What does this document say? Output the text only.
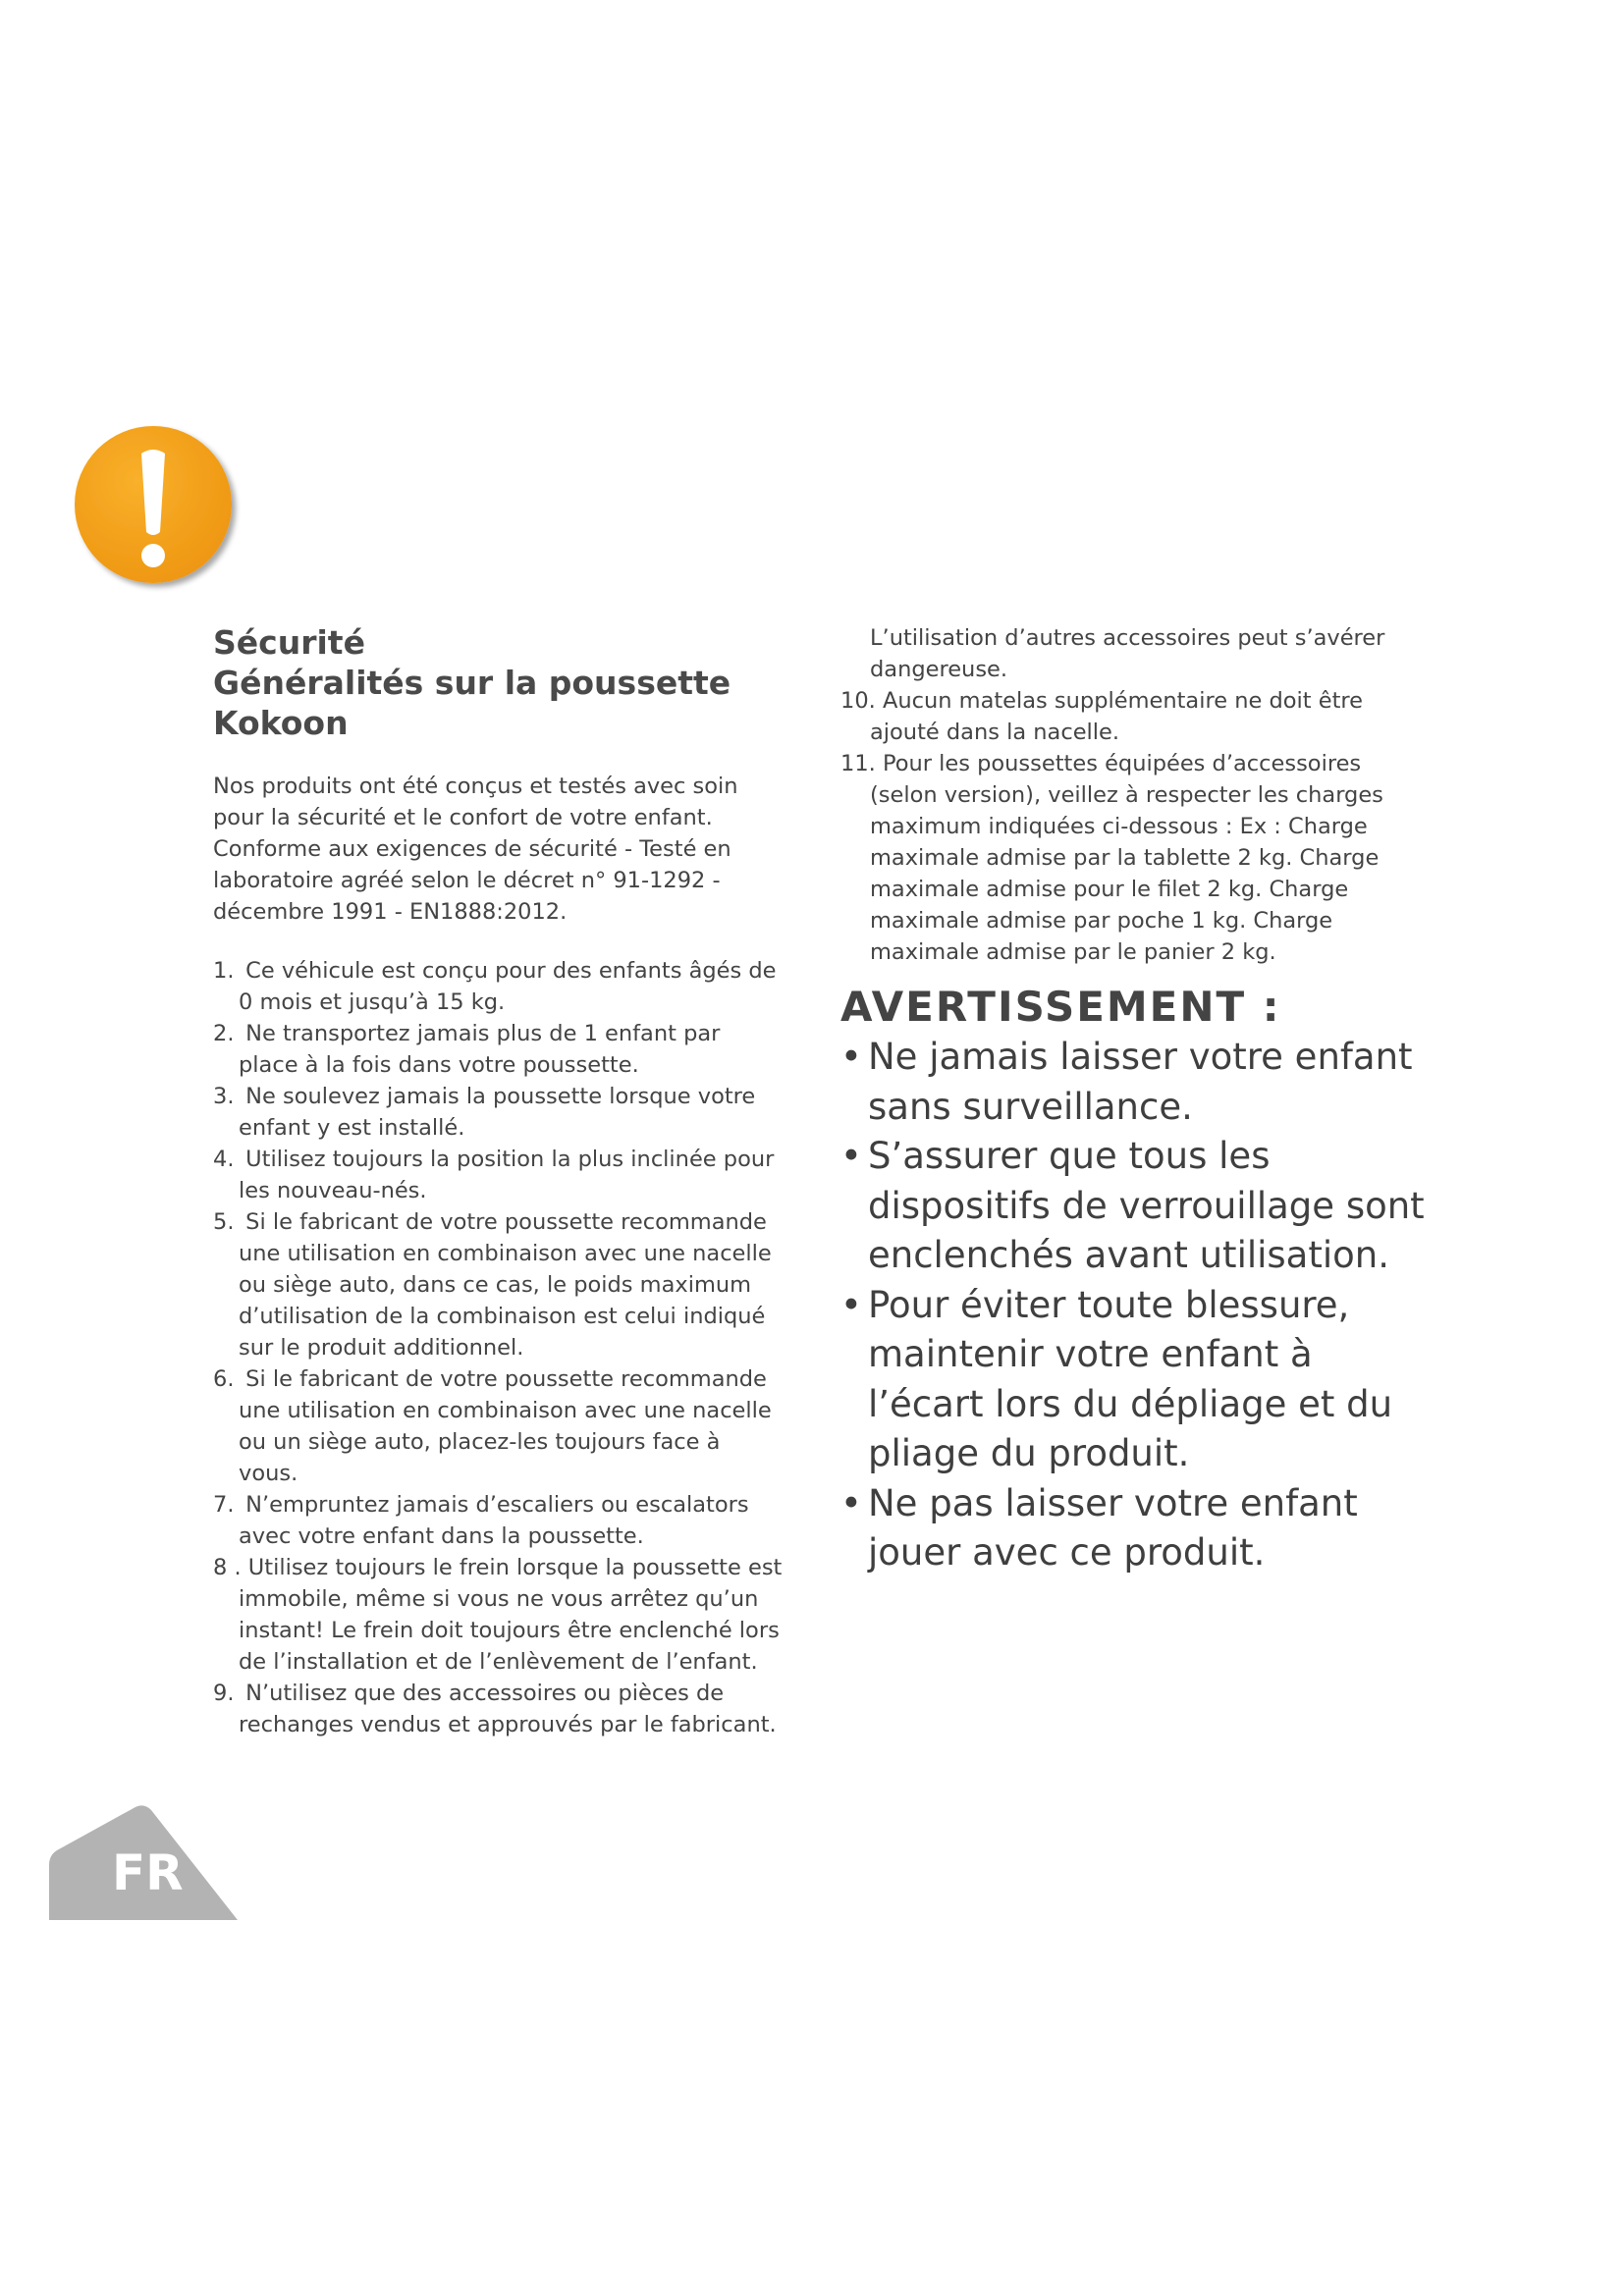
Sécurité
Généralités sur la poussette
Kokoon

Nos produits ont été conçus et testés avec soin pour la sécurité et le confort de votre enfant. Conforme aux exigences de sécurité - Testé en laboratoire agréé selon le décret n° 91-1292 - décembre 1991 - EN1888:2012.

1. Ce véhicule est conçu pour des enfants âgés de 0 mois et jusqu’à 15 kg.
2. Ne transportez jamais plus de 1 enfant par place à la fois dans votre poussette.
3. Ne soulevez jamais la poussette lorsque votre enfant y est installé.
4. Utilisez toujours la position la plus inclinée pour les nouveau-nés.
5. Si le fabricant de votre poussette recommande une utilisation en combinaison avec une nacelle ou siège auto, dans ce cas, le poids maximum d’utilisation de la combinaison est celui indiqué sur le produit additionnel.
6. Si le fabricant de votre poussette recommande une utilisation en combinaison avec une nacelle ou un siège auto, placez-les toujours face à vous.
7. N’empruntez jamais d’escaliers ou escalators avec votre enfant dans la poussette.
8 . Utilisez toujours le frein lorsque la poussette est immobile, même si vous ne vous arrêtez qu’un instant! Le frein doit toujours être enclenché lors de l’installation et de l’enlèvement de l’enfant.
9. N’utilisez que des accessoires ou pièces de rechanges vendus et approuvés par le fabricant.
L’utilisation d’autres accessoires peut s’avérer dangereuse.
10. Aucun matelas supplémentaire ne doit être ajouté dans la nacelle.
11. Pour les poussettes équipées d’accessoires (selon version), veillez à respecter les charges maximum indiquées ci-dessous : Ex : Charge maximale admise par la tablette 2 kg. Charge maximale admise pour le filet 2 kg. Charge maximale admise par poche 1 kg. Charge maximale admise par le panier 2 kg.
AVERTISSEMENT :
• Ne jamais laisser votre enfant sans surveillance.
• S’assurer que tous les dispositifs de verrouillage sont enclenchés avant utilisation.
• Pour éviter toute blessure, maintenir votre enfant à l’écart lors du dépliage et du pliage du produit.
• Ne pas laisser votre enfant jouer avec ce produit.
FR
